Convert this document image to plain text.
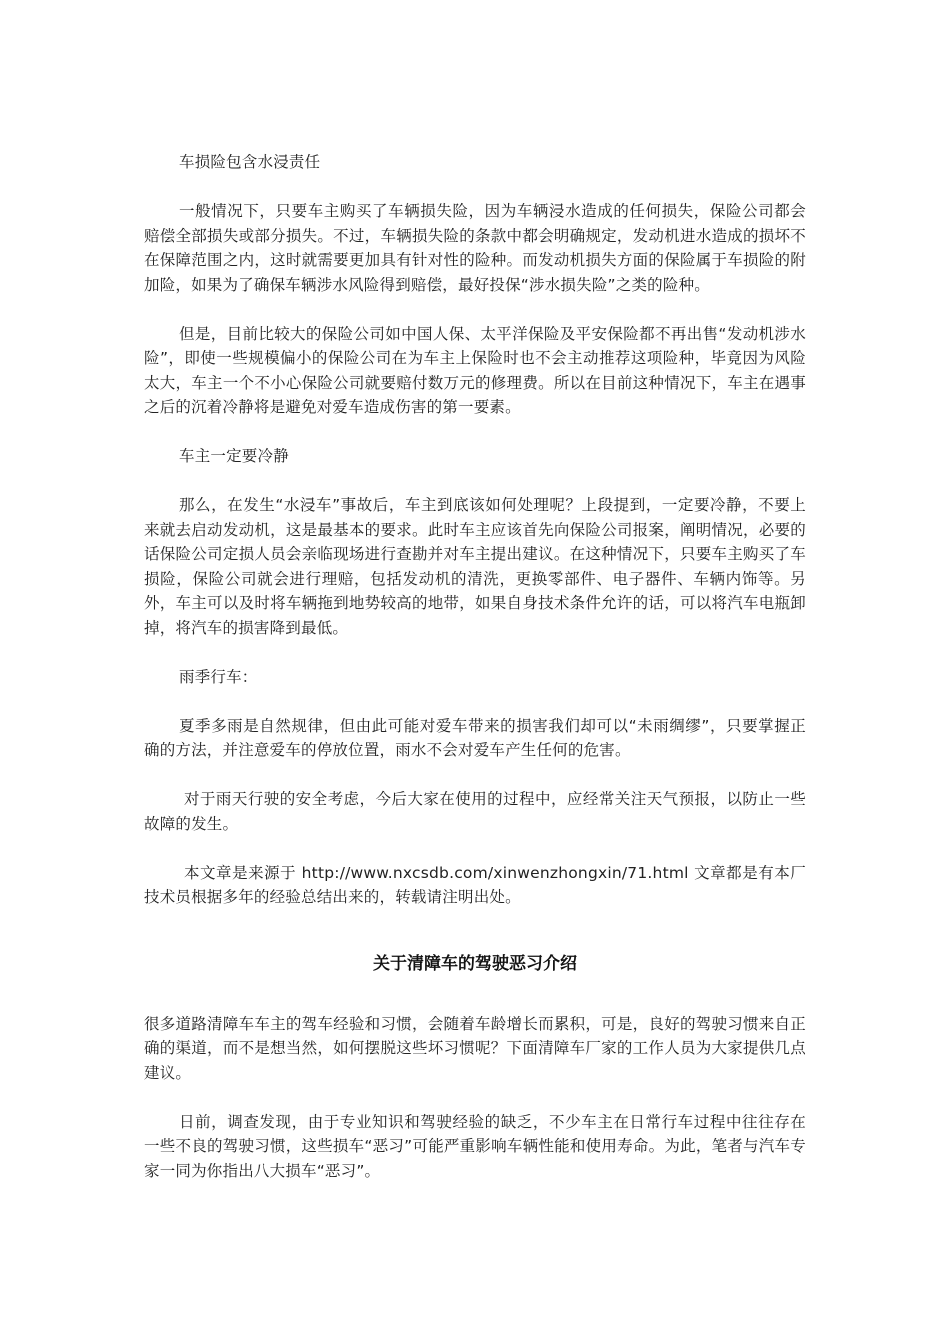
车损险包含水浸责任

一般情况下，只要车主购买了车辆损失险，因为车辆浸水造成的任何损失，保险公司都会赔偿全部损失或部分损失。不过，车辆损失险的条款中都会明确规定，发动机进水造成的损坏不在保障范围之内，这时就需要更加具有针对性的险种。而发动机损失方面的保险属于车损险的附加险，如果为了确保车辆涉水风险得到赔偿，最好投保“涉水损失险”之类的险种。

但是，目前比较大的保险公司如中国人保、太平洋保险及平安保险都不再出售“发动机涉水险”，即使一些规模偏小的保险公司在为车主上保险时也不会主动推荐这项险种，毕竟因为风险太大，车主一个不小心保险公司就要赔付数万元的修理费。所以在目前这种情况下，车主在遇事之后的沉着冷静将是避免对爱车造成伤害的第一要素。

车主一定要冷静

那么，在发生“水浸车”事故后，车主到底该如何处理呢？上段提到，一定要冷静，不要上来就去启动发动机，这是最基本的要求。此时车主应该首先向保险公司报案，阐明情况，必要的话保险公司定损人员会亲临现场进行查勘并对车主提出建议。在这种情况下，只要车主购买了车损险，保险公司就会进行理赔，包括发动机的清洗，更换零部件、电子器件、车辆内饰等。另外，车主可以及时将车辆拖到地势较高的地带，如果自身技术条件允许的话，可以将汽车电瓶卸掉，将汽车的损害降到最低。

雨季行车：

夏季多雨是自然规律，但由此可能对爱车带来的损害我们却可以“未雨绸缪”，只要掌握正确的方法，并注意爱车的停放位置，雨水不会对爱车产生任何的危害。

对于雨天行驶的安全考虑，今后大家在使用的过程中，应经常关注天气预报，以防止一些故障的发生。

本文章是来源于 http://www.nxcsdb.com/xinwenzhongxin/71.html 文章都是有本厂技术员根据多年的经验总结出来的，转载请注明出处。

关于清障车的驾驶恶习介绍

很多道路清障车车主的驾车经验和习惯，会随着车龄增长而累积，可是，良好的驾驶习惯来自正确的渠道，而不是想当然，如何摆脱这些坏习惯呢？下面清障车厂家的工作人员为大家提供几点建议。

日前，调查发现，由于专业知识和驾驶经验的缺乏，不少车主在日常行车过程中往往存在一些不良的驾驶习惯，这些损车“恶习”可能严重影响车辆性能和使用寿命。为此，笔者与汽车专家一同为你指出八大损车“恶习”。
